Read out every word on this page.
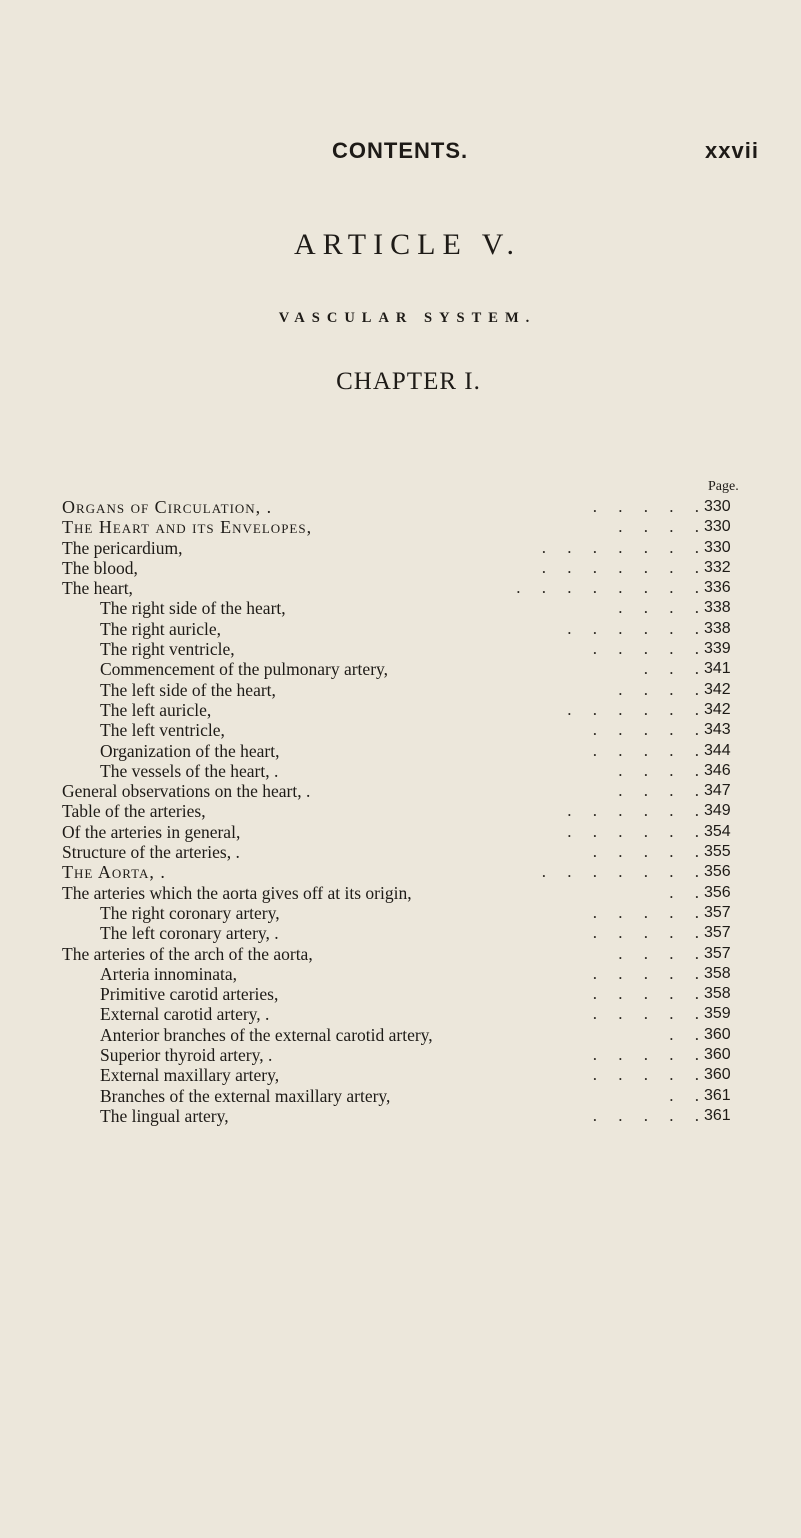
CONTENTS.	xxvii
ARTICLE V.
VASCULAR SYSTEM.
CHAPTER I.
Page.
Organs of Circulation, .	.     .     .     .     . 330
The Heart and its Envelopes,	.     .     .     . 330
The pericardium,	.     .     .     .     .     .     . 330
The blood,	.     .     .     .     .     .     . 332
The heart,	.     .     .     .     .     .     .     . 336
The right side of the heart,	.     .     .     . 338
The right auricle,	.     .     .     .     .     . 338
The right ventricle,	.     .     .     .     . 339
Commencement of the pulmonary artery,	.     .     . 341
The left side of the heart,	.     .     .     . 342
The left auricle,	.     .     .     .     .     . 342
The left ventricle,	.     .     .     .     . 343
Organization of the heart,	.     .     .     .     . 344
The vessels of the heart, .	.     .     .     . 346
General observations on the heart, .	.     .     .     . 347
Table of the arteries,	.     .     .     .     .     . 349
Of the arteries in general,	.     .     .     .     .     . 354
Structure of the arteries, .	.     .     .     .     . 355
The Aorta, .	.     .     .     .     .     .     . 356
The arteries which the aorta gives off at its origin,	.     . 356
The right coronary artery,	.     .     .     .     . 357
The left coronary artery, .	.     .     .     .     . 357
The arteries of the arch of the aorta,	.     .     .     . 357
Arteria innominata,	.     .     .     .     . 358
Primitive carotid arteries,	.     .     .     .     . 358
External carotid artery, .	.     .     .     .     . 359
Anterior branches of the external carotid artery,	.     . 360
Superior thyroid artery, .	.     .     .     .     . 360
External maxillary artery,	.     .     .     .     . 360
Branches of the external maxillary artery,	.     . 361
The lingual artery,	.     .     .     .     . 361
